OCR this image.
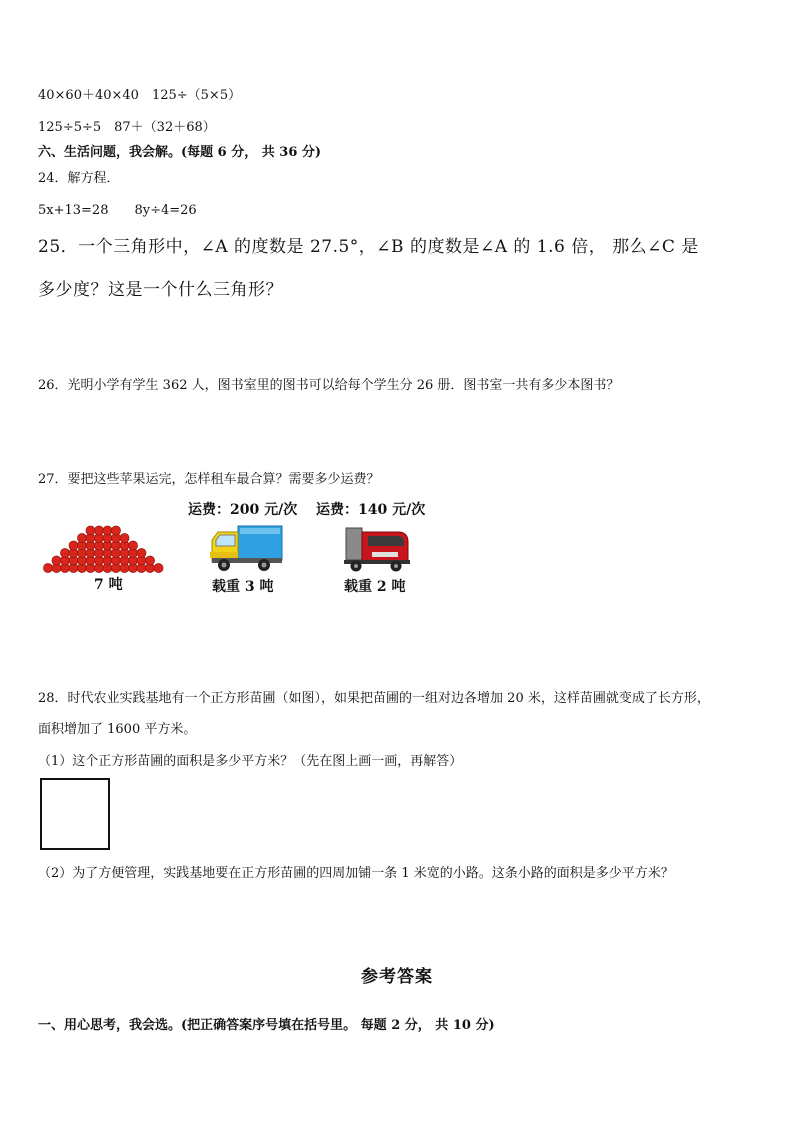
40×60＋40×40　125÷（5×5）
125÷5÷5　87＋（32＋68）
六、生活问题，我会解。(每题 6 分， 共 36 分)
24．解方程．
5x+13=28　　8y÷4=26
25．一个三角形中，∠A 的度数是 27.5°，∠B 的度数是∠A 的 1.6 倍， 那么∠C 是
多少度？这是一个什么三角形？
26．光明小学有学生 362 人，图书室里的图书可以给每个学生分 26 册．图书室一共有多少本图书？
27．要把这些苹果运完，怎样租车最合算？需要多少运费？
运费：200 元/次 运费：140 元/次
7 吨	载重 3 吨	载重 2 吨
28．时代农业实践基地有一个正方形苗圃（如图），如果把苗圃的一组对边各增加 20 米，这样苗圃就变成了长方形，
面积增加了 1600 平方米。
（1）这个正方形苗圃的面积是多少平方米？（先在图上画一画，再解答）
（2）为了方便管理，实践基地要在正方形苗圃的四周加铺一条 1 米宽的小路。这条小路的面积是多少平方米？
参考答案
一、用心思考，我会选。(把正确答案序号填在括号里。 每题 2 分， 共 10 分)
